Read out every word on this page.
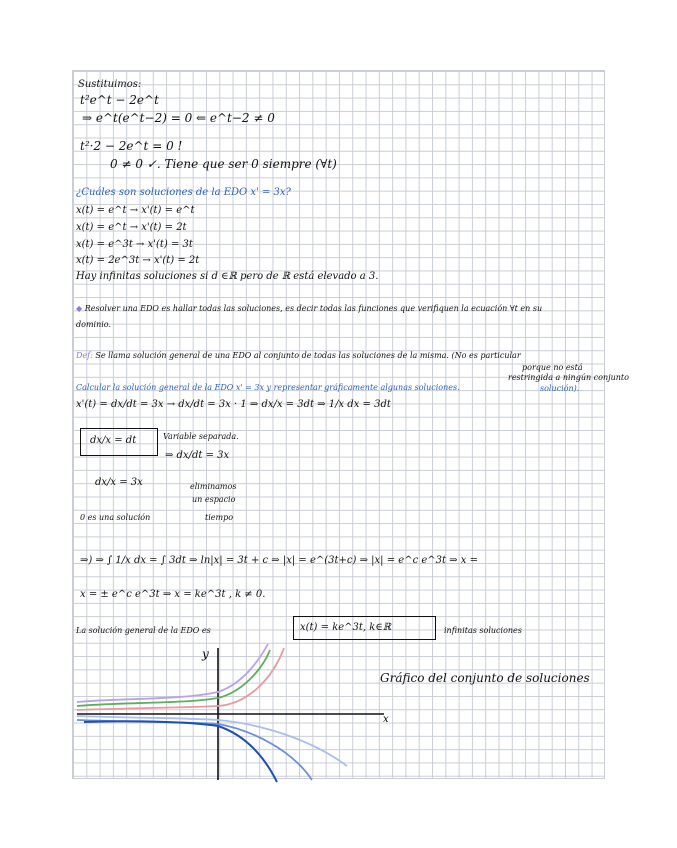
Sustituimos:
t²e^t − 2e^t
⇒ e^t(e^t−2) = 0 ⇐ e^t−2 ≠ 0
t²·2 − 2e^t = 0 !
0 ≠ 0 ✓. Tiene que ser 0 siempre (∀t)
¿Cuáles son soluciones de la EDO x' = 3x?
x(t) = e^t → x'(t) = e^t
x(t) = e^t → x'(t) = 2t
x(t) = e^3t → x'(t) = 3t
x(t) = 2e^3t → x'(t) = 2t
Hay infinitas soluciones si d ∈ℝ pero de ℝ está elevado a 3.
◆ Resolver una EDO es hallar todas las soluciones, es decir todas las funciones que verifiquen la ecuación ∀t en su
dominio.
Def: Se llama solución general de una EDO al conjunto de todas las soluciones de la misma. (No es particular
porque no está
restringida a ningún conjunto
solución).
Calcular la solución general de la EDO x' = 3x y representar gráficamente algunas soluciones.
x'(t) = dx/dt = 3x → dx/dt = 3x · 1 ⇒ dx/x = 3dt ⇒ 1/x dx = 3dt
dx/x = dt	Variable separada.
⇒ dx/dt = 3x
dx/x = 3x	eliminamos
un espacio
0 es una solución	tiempo
⇒) ⇒ ∫ 1/x dx = ∫ 3dt ⇒ ln|x| = 3t + c ⇒ |x| = e^(3t+c) ⇒ |x| = e^c e^3t ⇒ x =
x = ± e^c e^3t ⇒ x = ke^3t , k ≠ 0.
La solución general de la EDO es	x(t) = ke^3t, k∈ℝ	infinitas soluciones
Gráfico del conjunto de soluciones
y
x
